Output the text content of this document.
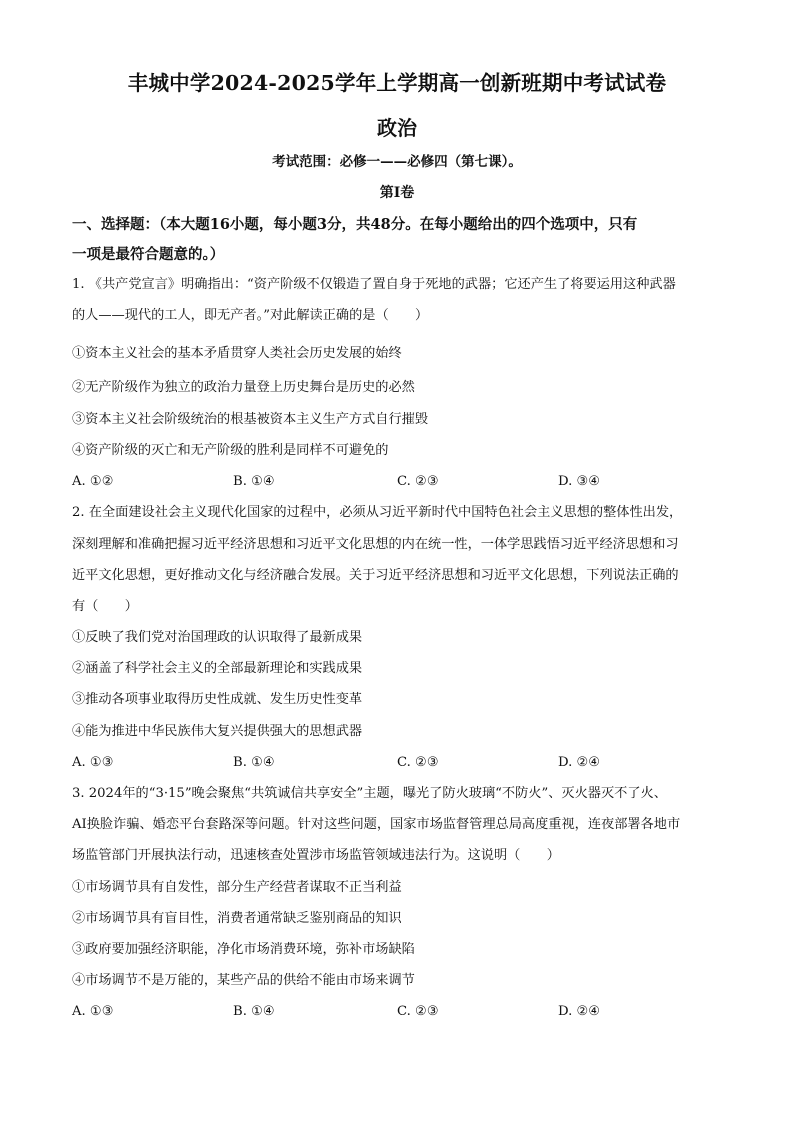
丰城中学2024-2025学年上学期高一创新班期中考试试卷
政治
考试范围：必修一——必修四（第七课）。
第Ⅰ卷
一、选择题：（本大题16小题，每小题3分，共48分。在每小题给出的四个选项中，只有
一项是最符合题意的。）
1. 《共产党宣言》明确指出：“资产阶级不仅锻造了置自身于死地的武器；它还产生了将要运用这种武器
的人——现代的工人，即无产者。”对此解读正确的是（　　）
①资本主义社会的基本矛盾贯穿人类社会历史发展的始终
②无产阶级作为独立的政治力量登上历史舞台是历史的必然
③资本主义社会阶级统治的根基被资本主义生产方式自行摧毁
④资产阶级的灭亡和无产阶级的胜利是同样不可避免的
A. ①②	B. ①④	C. ②③	D. ③④
2. 在全面建设社会主义现代化国家的过程中，必须从习近平新时代中国特色社会主义思想的整体性出发，
深刻理解和准确把握习近平经济思想和习近平文化思想的内在统一性，一体学思践悟习近平经济思想和习
近平文化思想，更好推动文化与经济融合发展。关于习近平经济思想和习近平文化思想，下列说法正确的
有（　　）
①反映了我们党对治国理政的认识取得了最新成果
②涵盖了科学社会主义的全部最新理论和实践成果
③推动各项事业取得历史性成就、发生历史性变革
④能为推进中华民族伟大复兴提供强大的思想武器
A. ①③	B. ①④	C. ②③	D. ②④
3. 2024年的“3·15”晚会聚焦“共筑诚信共享安全”主题，曝光了防火玻璃“不防火”、灭火器灭不了火、
AI换脸诈骗、婚恋平台套路深等问题。针对这些问题，国家市场监督管理总局高度重视，连夜部署各地市
场监管部门开展执法行动，迅速核查处置涉市场监管领域违法行为。这说明（　　）
①市场调节具有自发性，部分生产经营者谋取不正当利益
②市场调节具有盲目性，消费者通常缺乏鉴别商品的知识
③政府要加强经济职能，净化市场消费环境，弥补市场缺陷
④市场调节不是万能的，某些产品的供给不能由市场来调节
A. ①③	B. ①④	C. ②③	D. ②④
